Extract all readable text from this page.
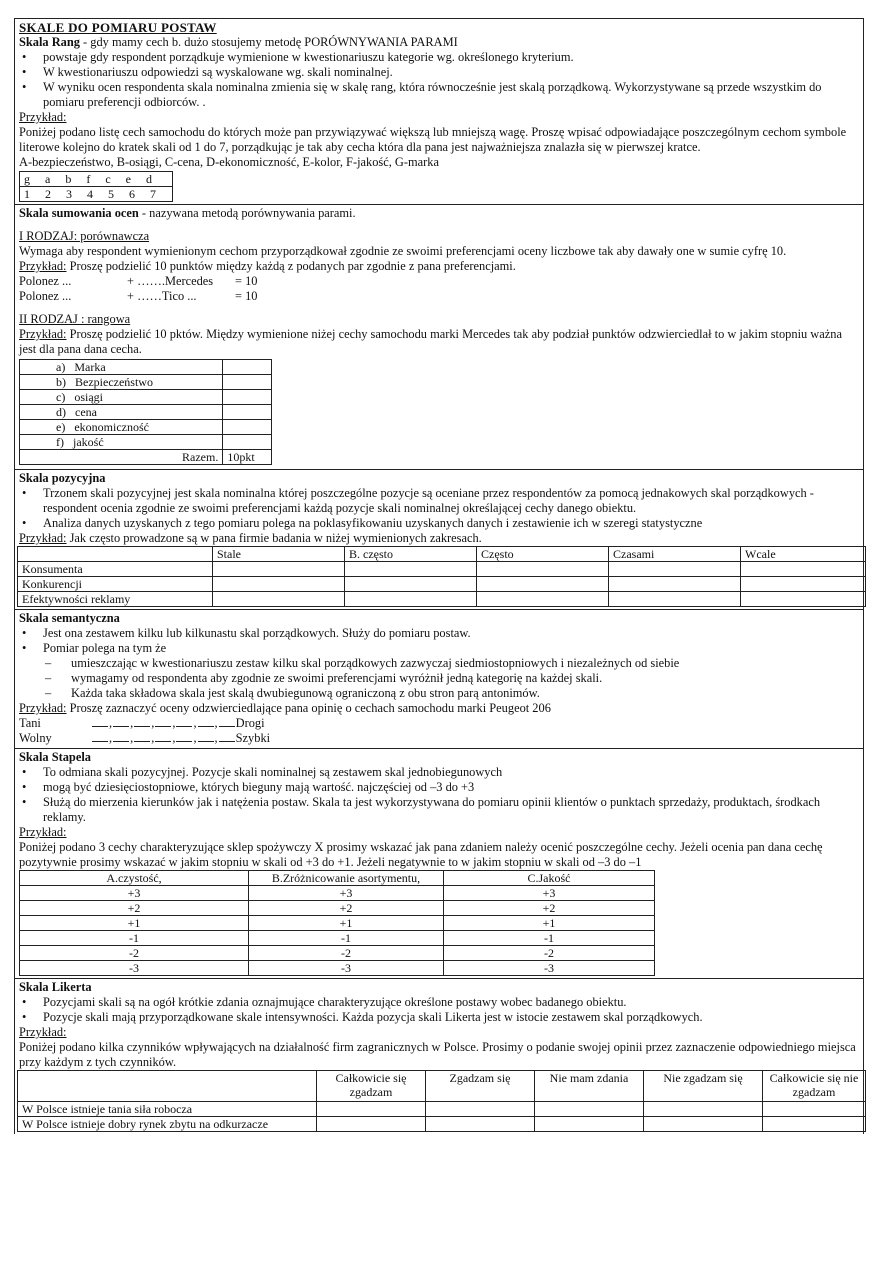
SKALE DO POMIARU POSTAW
Skala Rang - gdy mamy cech b. dużo stosujemy metodę PORÓWNYWANIA PARAMI
• powstaje gdy respondent porządkuje wymienione w kwestionariuszu kategorie wg. określonego kryterium.
• W kwestionariuszu odpowiedzi są wyskalowane wg. skali nominalnej.
• W wyniku ocen respondenta skala nominalna zmienia się w skalę rang, która równocześnie jest skalą porządkową. Wykorzystywane są przede wszystkim do pomiaru preferencji odbiorców. .
Przykład:
Poniżej podano listę cech samochodu do których może pan przywiązywać większą lub mniejszą wagę. Proszę wpisać odpowiadające poszczególnym cechom symbole literowe kolejno do kratek skali od 1 do 7, porządkując je tak aby cecha która dla pana jest najważniejsza znalazła się w pierwszej kratce.
A-bezpieczeństwo, B-osiągi, C-cena, D-ekonomiczność, E-kolor, F-jakość, G-marka
g a b f c e d
1 2 3 4 5 6 7
Skala sumowania ocen - nazywana metodą porównywania parami.
I RODZAJ: porównawcza
Wymaga aby respondent wymienionym cechom przyporządkował zgodnie ze swoimi preferencjami oceny liczbowe tak aby dawały one w sumie cyfrę 10.
Przykład: Proszę podzielić 10 punktów między każdą z podanych par zgodnie z pana preferencjami.
Polonez ...	+ …….Mercedes	= 10
Polonez ...	+ ……Tico ...	= 10
II RODZAJ : rangowa
Przykład: Proszę podzielić 10 pktów. Między wymienione niżej cechy samochodu marki Mercedes tak aby podział punktów odzwierciedlał to w jakim stopniu ważna jest dla pana dana cecha.
a) Marka	
b) Bezpieczeństwo	
c) osiągi	
d) cena	
e) ekonomiczność	
f) jakość	
Razem.	10pkt
Skala pozycyjna
• Trzonem skali pozycyjnej jest skala nominalna której poszczególne pozycje są oceniane przez respondentów za pomocą jednakowych skal porządkowych - respondent ocenia zgodnie ze swoimi preferencjami każdą pozycje skali nominalnej określającej cechy danego obiektu.
• Analiza danych uzyskanych z tego pomiaru polega na poklasyfikowaniu uzyskanych danych i zestawienie ich w szeregi statystyczne
Przykład: Jak często prowadzone są w pana firmie badania w niżej wymienionych zakresach.
	Stale	B. często	Często	Czasami	Wcale
Konsumenta					
Konkurencji					
Efektywności reklamy					
Skala semantyczna
• Jest ona zestawem kilku lub kilkunastu skal porządkowych. Służy do pomiaru postaw.
• Pomiar polega na tym że
– umieszczając w kwestionariuszu zestaw kilku skal porządkowych zazwyczaj siedmiostopniowych i niezależnych od siebie
– wymagamy od respondenta aby zgodnie ze swoimi preferencjami wyróżnił jedną kategorię na każdej skali.
– Każda taka składowa skala jest skalą dwubiegunową ograniczoną z obu stron parą antonimów.
Przykład: Proszę zaznaczyć oceny odzwierciedlające pana opinię o cechach samochodu marki Peugeot 206
Tani	, , , , , ,	Drogi
Wolny	, , , , , ,	Szybki
Skala Stapela
• To odmiana skali pozycyjnej. Pozycje skali nominalnej są zestawem skal jednobiegunowych
• mogą być dziesięciostopniowe, których bieguny mają wartość. najczęściej od –3 do +3
• Służą do mierzenia kierunków jak i natężenia postaw. Skala ta jest wykorzystywana do pomiaru opinii klientów o punktach sprzedaży, produktach, środkach reklamy.
Przykład:
Poniżej podano 3 cechy charakteryzujące sklep spożywczy X prosimy wskazać jak pana zdaniem należy ocenić poszczególne cechy. Jeżeli ocenia pan dana cechę pozytywnie prosimy wskazać w jakim stopniu w skali od +3 do +1. Jeżeli negatywnie to w jakim stopniu w skali od –3 do –1
A.czystość,	B.Zróżnicowanie asortymentu,	C.Jakość
+3	+3	+3
+2	+2	+2
+1	+1	+1
-1	-1	-1
-2	-2	-2
-3	-3	-3
Skala Likerta
• Pozycjami skali są na ogół krótkie zdania oznajmujące charakteryzujące określone postawy wobec badanego obiektu.
• Pozycje skali mają przyporządkowane skale intensywności. Każda pozycja skali Likerta jest w istocie zestawem skal porządkowych.
Przykład:
Poniżej podano kilka czynników wpływających na działalność firm zagranicznych w Polsce. Prosimy o podanie swojej opinii przez zaznaczenie odpowiedniego miejsca przy każdym z tych czynników.
	Całkowicie się zgadzam	Zgadzam się	Nie mam zdania	Nie zgadzam się	Całkowicie się nie zgadzam
W Polsce istnieje tania siła robocza					
W Polsce istnieje dobry rynek zbytu na odkurzacze					
